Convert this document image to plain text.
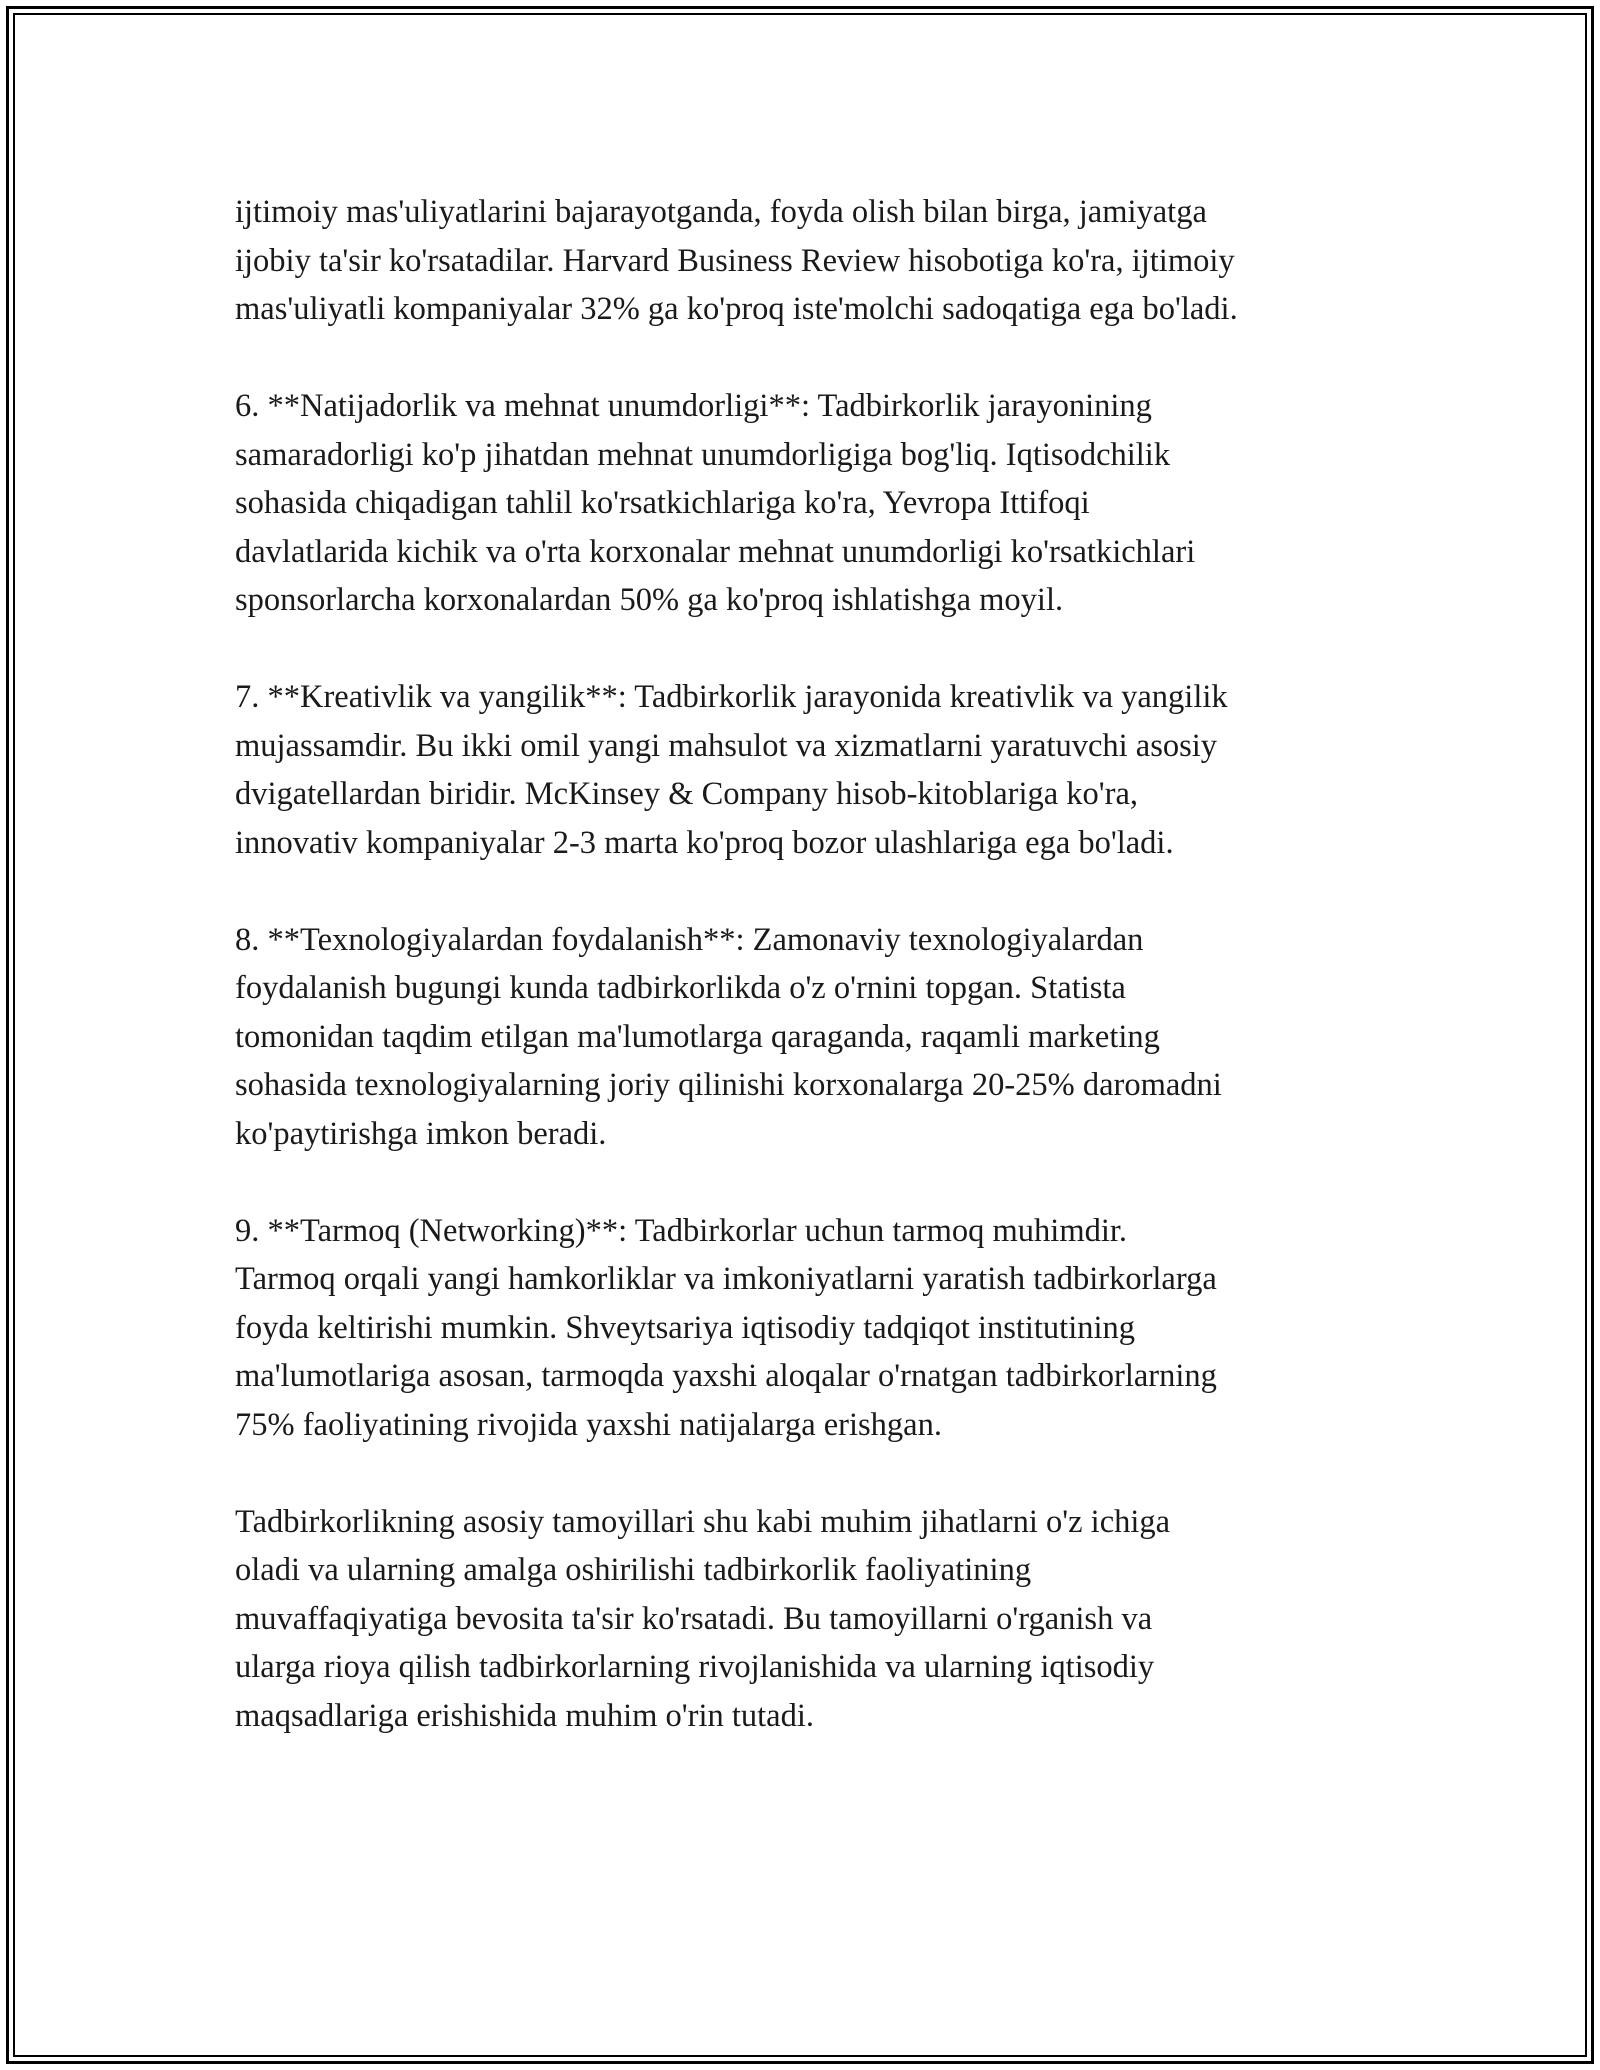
ijtimoiy mas'uliyatlarini bajarayotganda, foyda olish bilan birga, jamiyatga
ijobiy ta'sir ko'rsatadilar. Harvard Business Review hisobotiga ko'ra, ijtimoiy
mas'uliyatli kompaniyalar 32% ga ko'proq iste'molchi sadoqatiga ega bo'ladi.

6. **Natijadorlik va mehnat unumdorligi**: Tadbirkorlik jarayonining
samaradorligi ko'p jihatdan mehnat unumdorligiga bog'liq. Iqtisodchilik
sohasida chiqadigan tahlil ko'rsatkichlariga ko'ra, Yevropa Ittifoqi
davlatlarida kichik va o'rta korxonalar mehnat unumdorligi ko'rsatkichlari
sponsorlarcha korxonalardan 50% ga ko'proq ishlatishga moyil.

7. **Kreativlik va yangilik**: Tadbirkorlik jarayonida kreativlik va yangilik
mujassamdir. Bu ikki omil yangi mahsulot va xizmatlarni yaratuvchi asosiy
dvigatellardan biridir. McKinsey & Company hisob-kitoblariga ko'ra,
innovativ kompaniyalar 2-3 marta ko'proq bozor ulashlariga ega bo'ladi.

8. **Texnologiyalardan foydalanish**: Zamonaviy texnologiyalardan
foydalanish bugungi kunda tadbirkorlikda o'z o'rnini topgan. Statista
tomonidan taqdim etilgan ma'lumotlarga qaraganda, raqamli marketing
sohasida texnologiyalarning joriy qilinishi korxonalarga 20-25% daromadni
ko'paytirishga imkon beradi.

9. **Tarmoq (Networking)**: Tadbirkorlar uchun tarmoq muhimdir.
Tarmoq orqali yangi hamkorliklar va imkoniyatlarni yaratish tadbirkorlarga
foyda keltirishi mumkin. Shveytsariya iqtisodiy tadqiqot institutining
ma'lumotlariga asosan, tarmoqda yaxshi aloqalar o'rnatgan tadbirkorlarning
75% faoliyatining rivojida yaxshi natijalarga erishgan.

Tadbirkorlikning asosiy tamoyillari shu kabi muhim jihatlarni o'z ichiga
oladi va ularning amalga oshirilishi tadbirkorlik faoliyatining
muvaffaqiyatiga bevosita ta'sir ko'rsatadi. Bu tamoyillarni o'rganish va
ularga rioya qilish tadbirkorlarning rivojlanishida va ularning iqtisodiy
maqsadlariga erishishida muhim o'rin tutadi.
